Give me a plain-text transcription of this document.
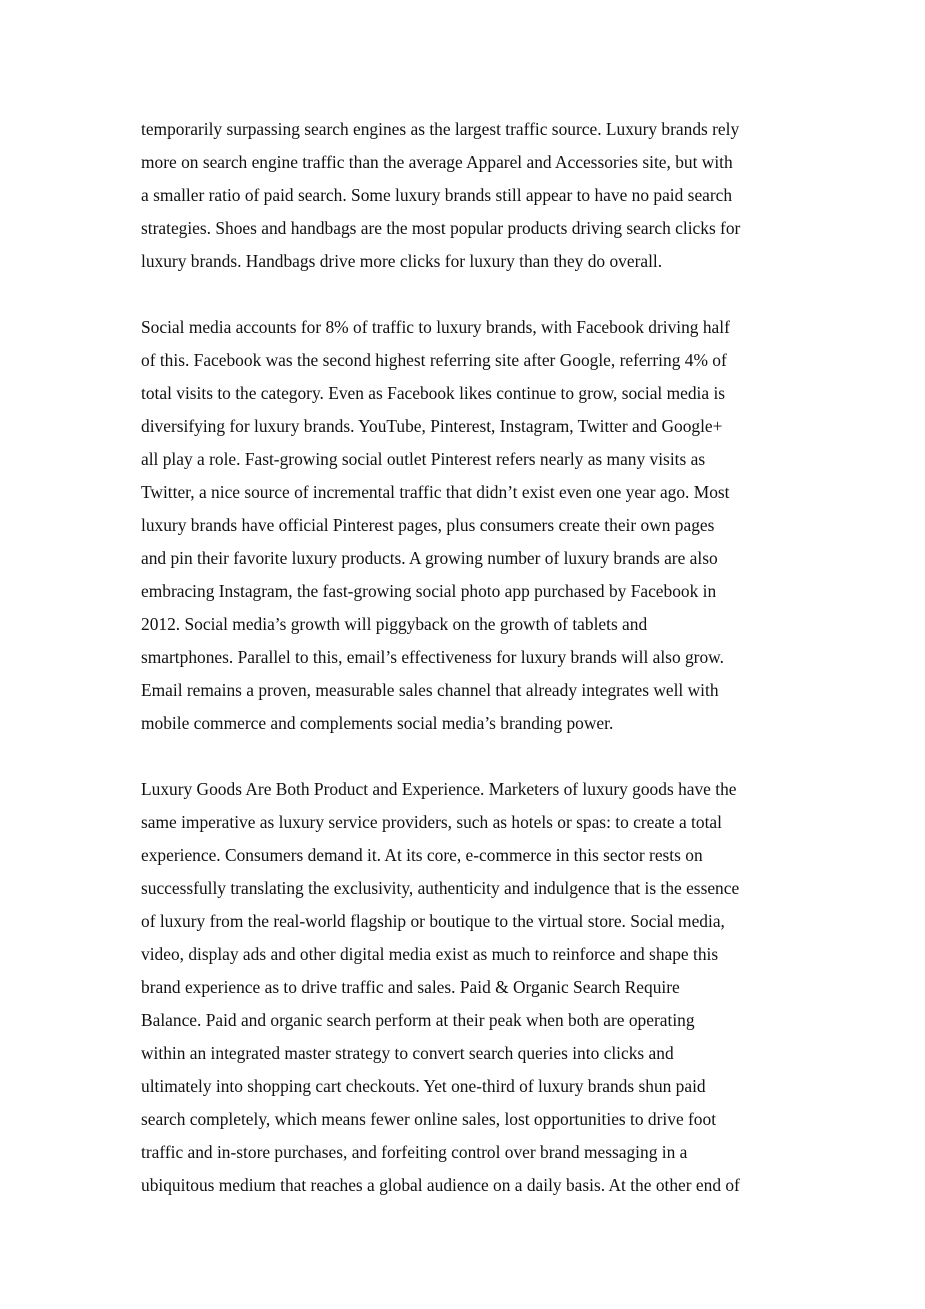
temporarily surpassing search engines as the largest traffic source. Luxury brands rely
more on search engine traffic than the average Apparel and Accessories site, but with
a smaller ratio of paid search. Some luxury brands still appear to have no paid search
strategies. Shoes and handbags are the most popular products driving search clicks for
luxury brands. Handbags drive more clicks for luxury than they do overall.
Social media accounts for 8% of traffic to luxury brands, with Facebook driving half
of this. Facebook was the second highest referring site after Google, referring 4% of
total visits to the category. Even as Facebook likes continue to grow, social media is
diversifying for luxury brands. YouTube, Pinterest, Instagram, Twitter and Google+
all play a role. Fast-growing social outlet Pinterest refers nearly as many visits as
Twitter, a nice source of incremental traffic that didn’t exist even one year ago. Most
luxury brands have official Pinterest pages, plus consumers create their own pages
and pin their favorite luxury products. A growing number of luxury brands are also
embracing Instagram, the fast-growing social photo app purchased by Facebook in
2012. Social media’s growth will piggyback on the growth of tablets and
smartphones. Parallel to this, email’s effectiveness for luxury brands will also grow.
Email remains a proven, measurable sales channel that already integrates well with
mobile commerce and complements social media’s branding power.
Luxury Goods Are Both Product and Experience. Marketers of luxury goods have the
same imperative as luxury service providers, such as hotels or spas: to create a total
experience. Consumers demand it. At its core, e-commerce in this sector rests on
successfully translating the exclusivity, authenticity and indulgence that is the essence
of luxury from the real-world flagship or boutique to the virtual store. Social media,
video, display ads and other digital media exist as much to reinforce and shape this
brand experience as to drive traffic and sales. Paid & Organic Search Require
Balance. Paid and organic search perform at their peak when both are operating
within an integrated master strategy to convert search queries into clicks and
ultimately into shopping cart checkouts. Yet one-third of luxury brands shun paid
search completely, which means fewer online sales, lost opportunities to drive foot
traffic and in-store purchases, and forfeiting control over brand messaging in a
ubiquitous medium that reaches a global audience on a daily basis. At the other end of
